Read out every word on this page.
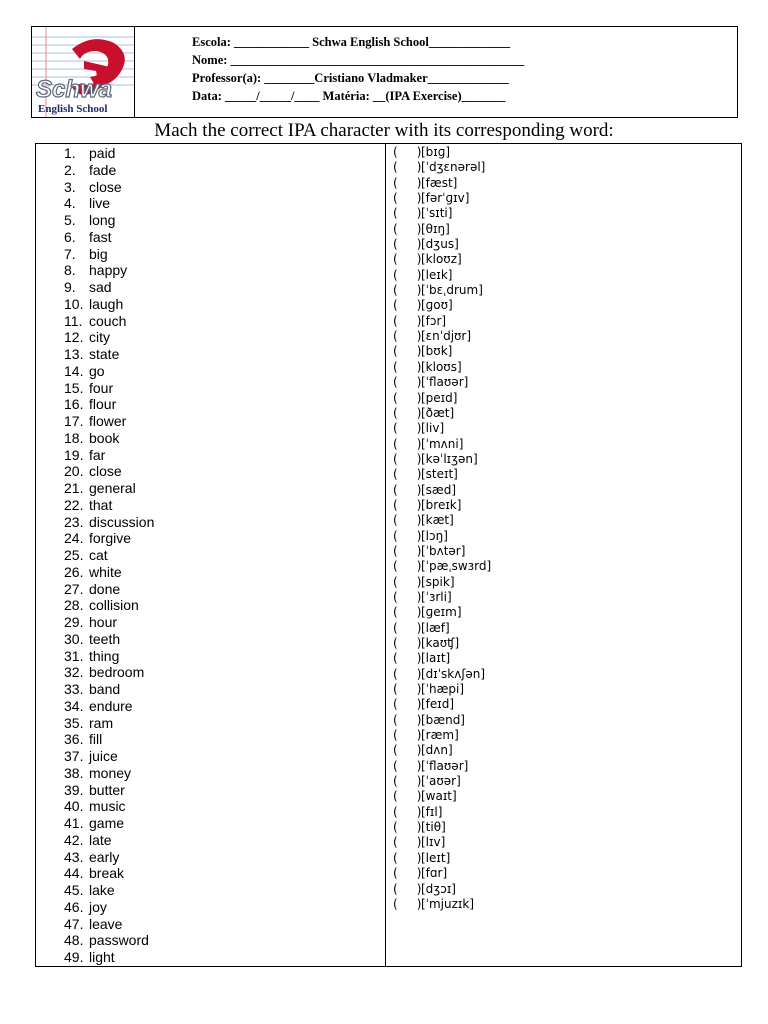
Schwa
English School
Escola: ____________ Schwa English School_____________
Nome: _______________________________________________
Professor(a): ________Cristiano Vladmaker_____________
Data: _____/_____/____ Matéria: __(IPA Exercise)_______
Mach the correct IPA character with its corresponding word:
1. paid
2. fade
3. close
4. live
5. long
6. fast
7. big
8. happy
9. sad
10. laugh
11. couch
12. city
13. state
14. go
15. four
16. flour
17. flower
18. book
19. far
20. close
21. general
22. that
23. discussion
24. forgive
25. cat
26. white
27. done
28. collision
29. hour
30. teeth
31. thing
32. bedroom
33. band
34. endure
35. ram
36. fill
37. juice
38. money
39. butter
40. music
41. game
42. late
43. early
44. break
45. lake
46. joy
47. leave
48. password
49. light
(     )[bɪɡ]
(     )[ˈdʒɛnərəl]
(     )[fæst]
(     )[fərˈɡɪv]
(     )[ˈsɪti]
(     )[θɪŋ]
(     )[dʒus]
(     )[kloʊz]
(     )[leɪk]
(     )[ˈbɛˌdrum]
(     )[ɡoʊ]
(     )[fɔr]
(     )[ɛnˈdjʊr]
(     )[bʊk]
(     )[kloʊs]
(     )[ˈflaʊər]
(     )[peɪd]
(     )[ðæt]
(     )[liv]
(     )[ˈmʌni]
(     )[kəˈlɪʒən]
(     )[steɪt]
(     )[sæd]
(     )[breɪk]
(     )[kæt]
(     )[lɔŋ]
(     )[ˈbʌtər]
(     )[ˈpæˌswɜrd]
(     )[spik]
(     )[ˈɜrli]
(     )[ɡeɪm]
(     )[læf]
(     )[kaʊʧ]
(     )[laɪt]
(     )[dɪˈskʌʃən]
(     )[ˈhæpi]
(     )[feɪd]
(     )[bænd]
(     )[ræm]
(     )[dʌn]
(     )[ˈflaʊər]
(     )[ˈaʊər]
(     )[waɪt]
(     )[fɪl]
(     )[tiθ]
(     )[lɪv]
(     )[leɪt]
(     )[fɑr]
(     )[dʒɔɪ]
(     )[ˈmjuzɪk]
